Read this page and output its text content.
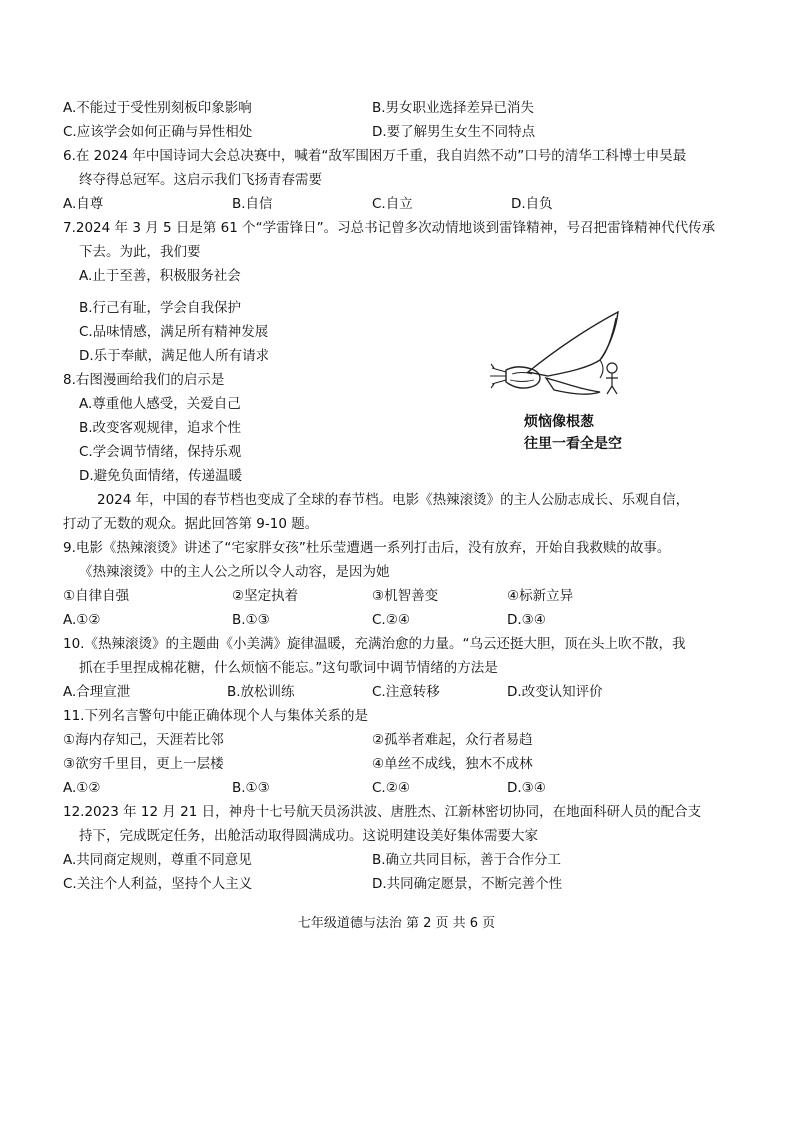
A.不能过于受性别刻板印象影响	B.男女职业选择差异已消失
C.应该学会如何正确与异性相处	D.要了解男生女生不同特点
6.在 2024 年中国诗词大会总决赛中，喊着“敌军围困万千重，我自岿然不动”口号的清华工科博士申昊最
终夺得总冠军。这启示我们飞扬青春需要
A.自尊	B.自信	C.自立	D.自负
7.2024 年 3 月 5 日是第 61 个“学雷锋日”。习总书记曾多次动情地谈到雷锋精神，号召把雷锋精神代代传承
下去。为此，我们要
A.止于至善，积极服务社会
B.行己有耻，学会自我保护
C.品味情感，满足所有精神发展
D.乐于奉献，满足他人所有请求
8.右图漫画给我们的启示是
A.尊重他人感受，关爱自己
B.改变客观规律，追求个性
C.学会调节情绪，保持乐观
D.避免负面情绪，传递温暖
烦恼像根葱
往里一看全是空
2024 年，中国的春节档也变成了全球的春节档。电影《热辣滚烫》的主人公励志成长、乐观自信，
打动了无数的观众。据此回答第 9-10 题。
9.电影《热辣滚烫》讲述了“宅家胖女孩”杜乐莹遭遇一系列打击后，没有放弃，开始自我救赎的故事。
《热辣滚烫》中的主人公之所以令人动容，是因为她
①自律自强	②坚定执着	③机智善变	④标新立异
A.①②	B.①③	C.②④	D.③④
10.《热辣滚烫》的主题曲《小美满》旋律温暖，充满治愈的力量。“乌云还挺大胆，顶在头上吹不散，我
抓在手里捏成棉花糖，什么烦恼不能忘。”这句歌词中调节情绪的方法是
A.合理宣泄	B.放松训练	C.注意转移	D.改变认知评价
11.下列名言警句中能正确体现个人与集体关系的是
①海内存知己，天涯若比邻	②孤举者难起，众行者易趋
③欲穷千里目，更上一层楼	④单丝不成线，独木不成林
A.①②	B.①③	C.②④	D.③④
12.2023 年 12 月 21 日，神舟十七号航天员汤洪波、唐胜杰、江新林密切协同，在地面科研人员的配合支
持下，完成既定任务，出舱活动取得圆满成功。这说明建设美好集体需要大家
A.共同商定规则，尊重不同意见	B.确立共同目标，善于合作分工
C.关注个人利益，坚持个人主义	D.共同确定愿景，不断完善个性
七年级道德与法治 第 2 页 共 6 页
